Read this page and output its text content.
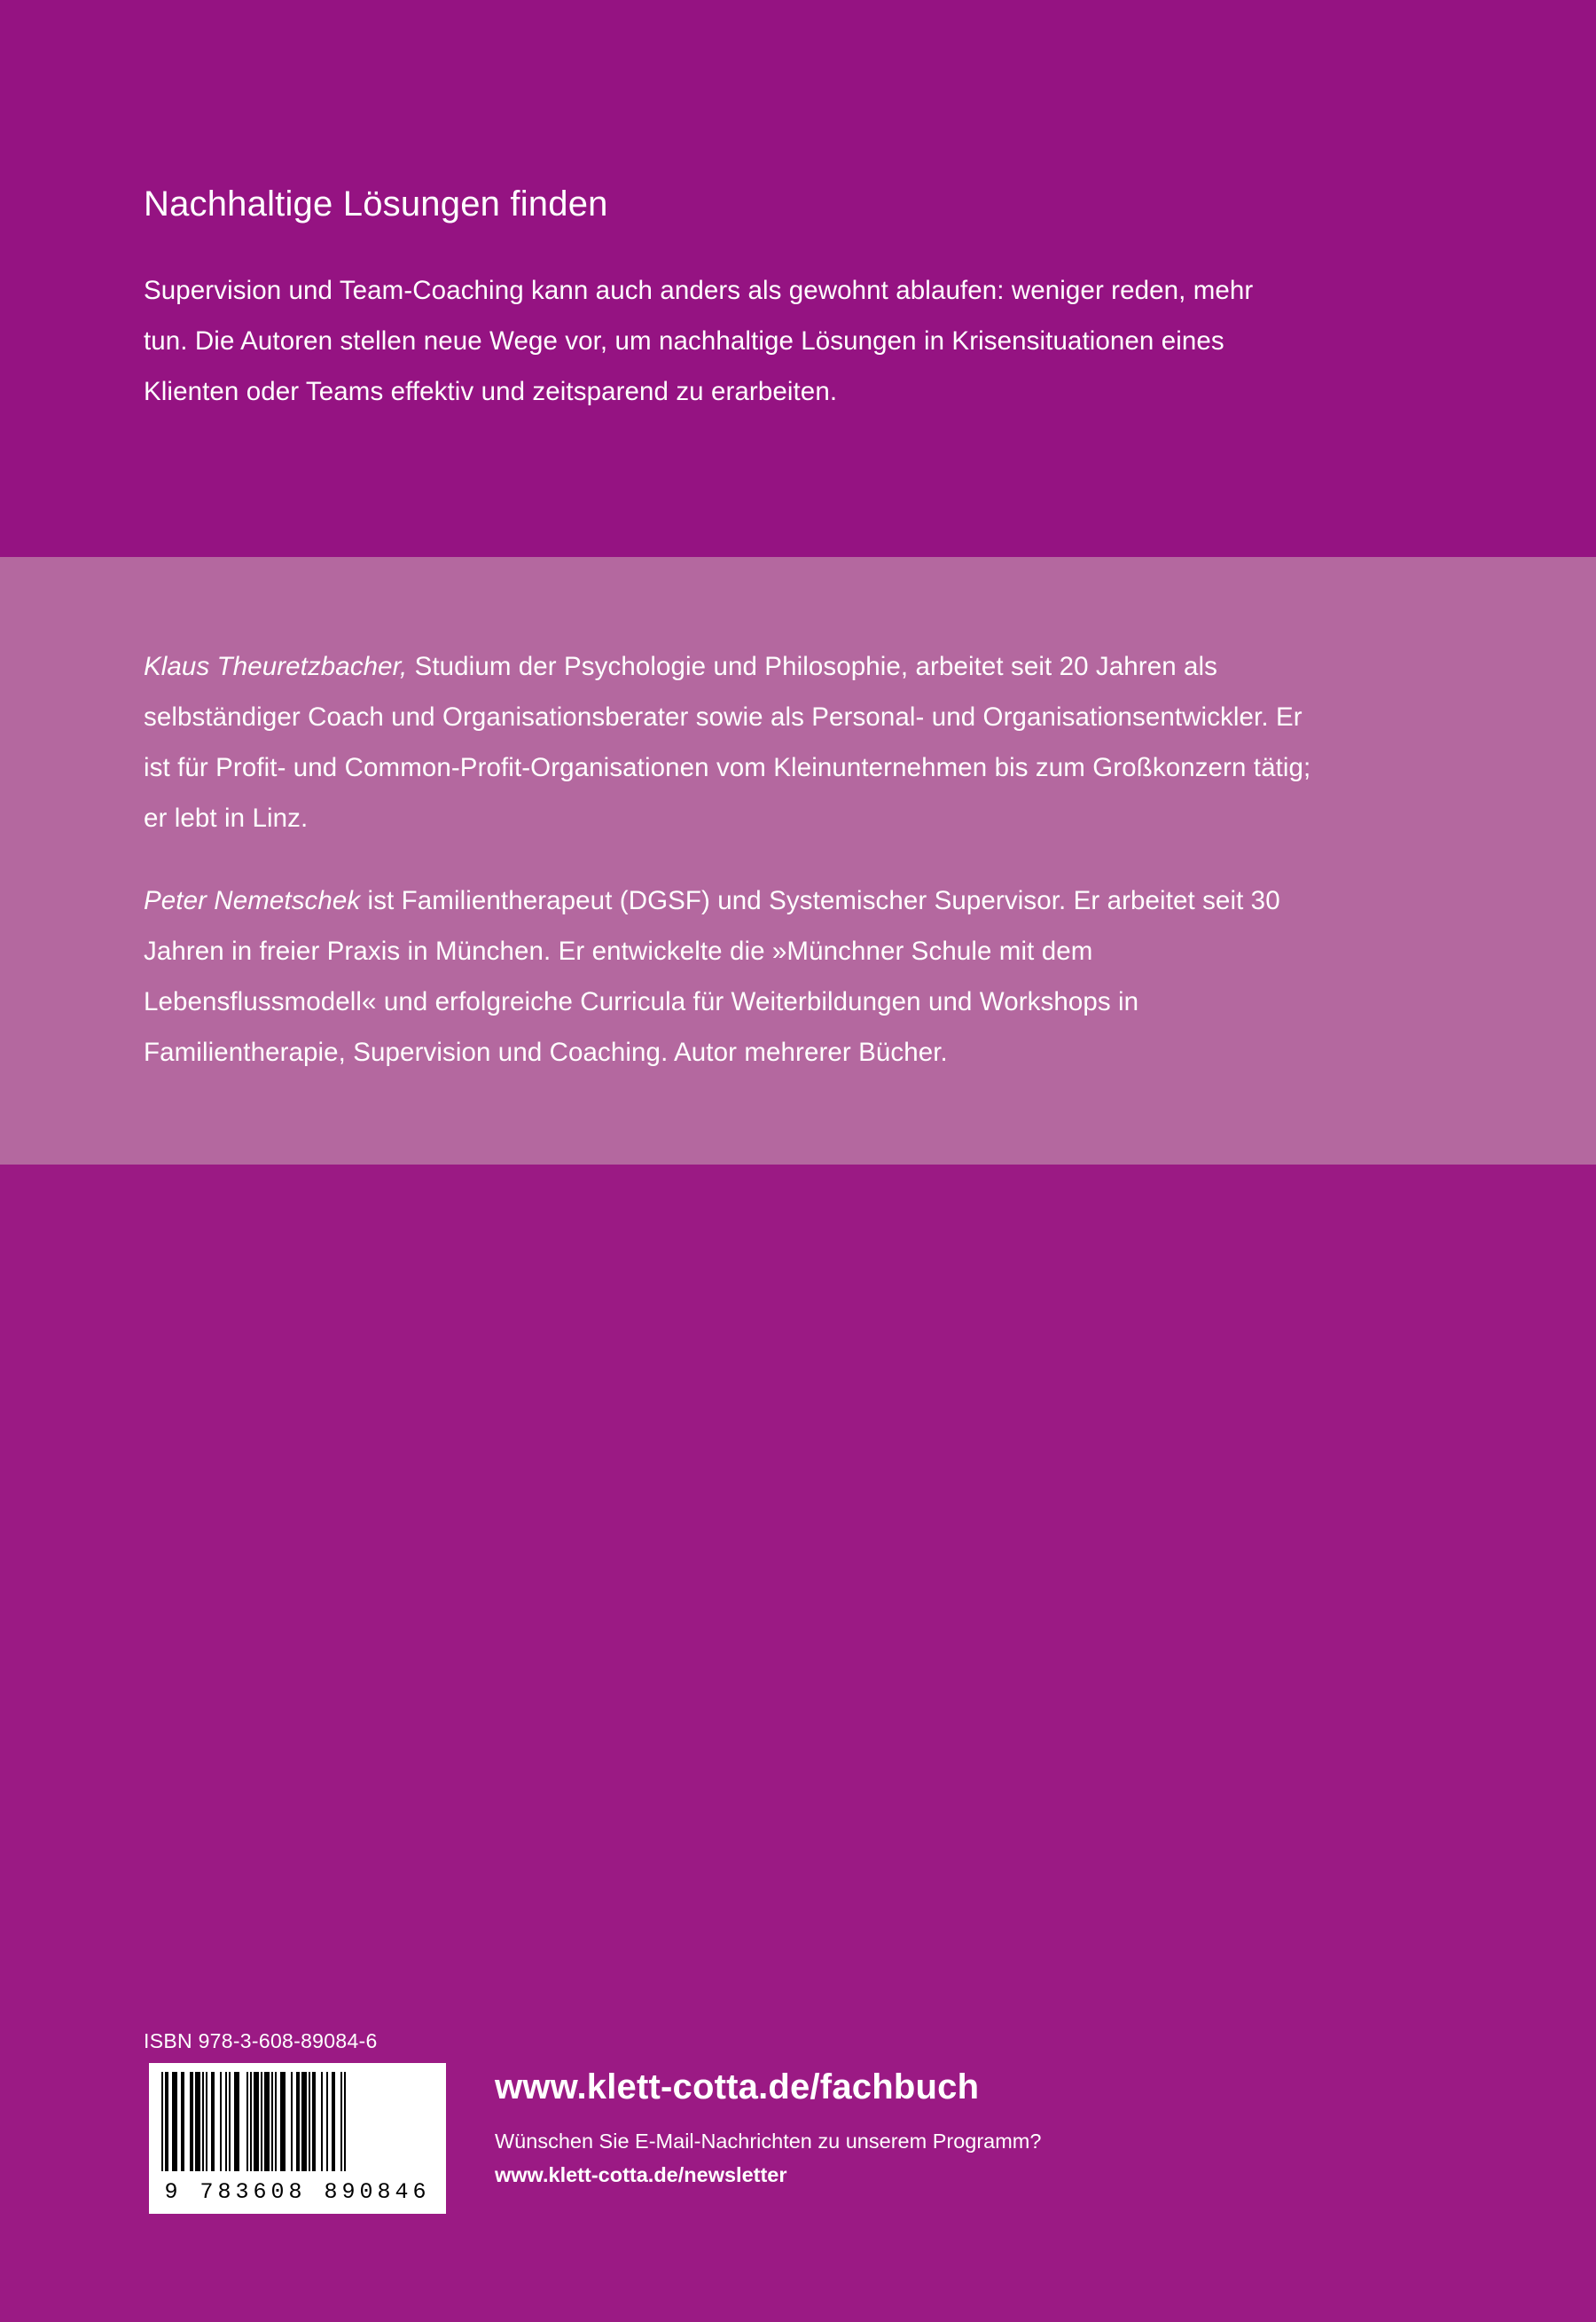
Nachhaltige Lösungen finden

Supervision und Team-Coaching kann auch anders als gewohnt ablaufen: weniger reden, mehr tun. Die Autoren stellen neue Wege vor, um nachhaltige Lösungen in Krisensituationen eines Klienten oder Teams effektiv und zeitsparend zu erarbeiten.

Klaus Theuretzbacher, Studium der Psychologie und Philosophie, arbeitet seit 20 Jahren als selbständiger Coach und Organisationsberater sowie als Personal- und Organisationsentwickler. Er ist für Profit- und Common-Profit-Organisationen vom Kleinunternehmen bis zum Großkonzern tätig; er lebt in Linz.

Peter Nemetschek ist Familientherapeut (DGSF) und Systemischer Supervisor. Er arbeitet seit 30 Jahren in freier Praxis in München. Er entwickelte die »Münchner Schule mit dem Lebensflussmodell« und erfolgreiche Curricula für Weiterbildungen und Workshops in Familientherapie, Supervision und Coaching. Autor mehrerer Bücher.

ISBN 978-3-608-89084-6
9 783608 890846
www.klett-cotta.de/fachbuch
Wünschen Sie E-Mail-Nachrichten zu unserem Programm?
www.klett-cotta.de/newsletter
